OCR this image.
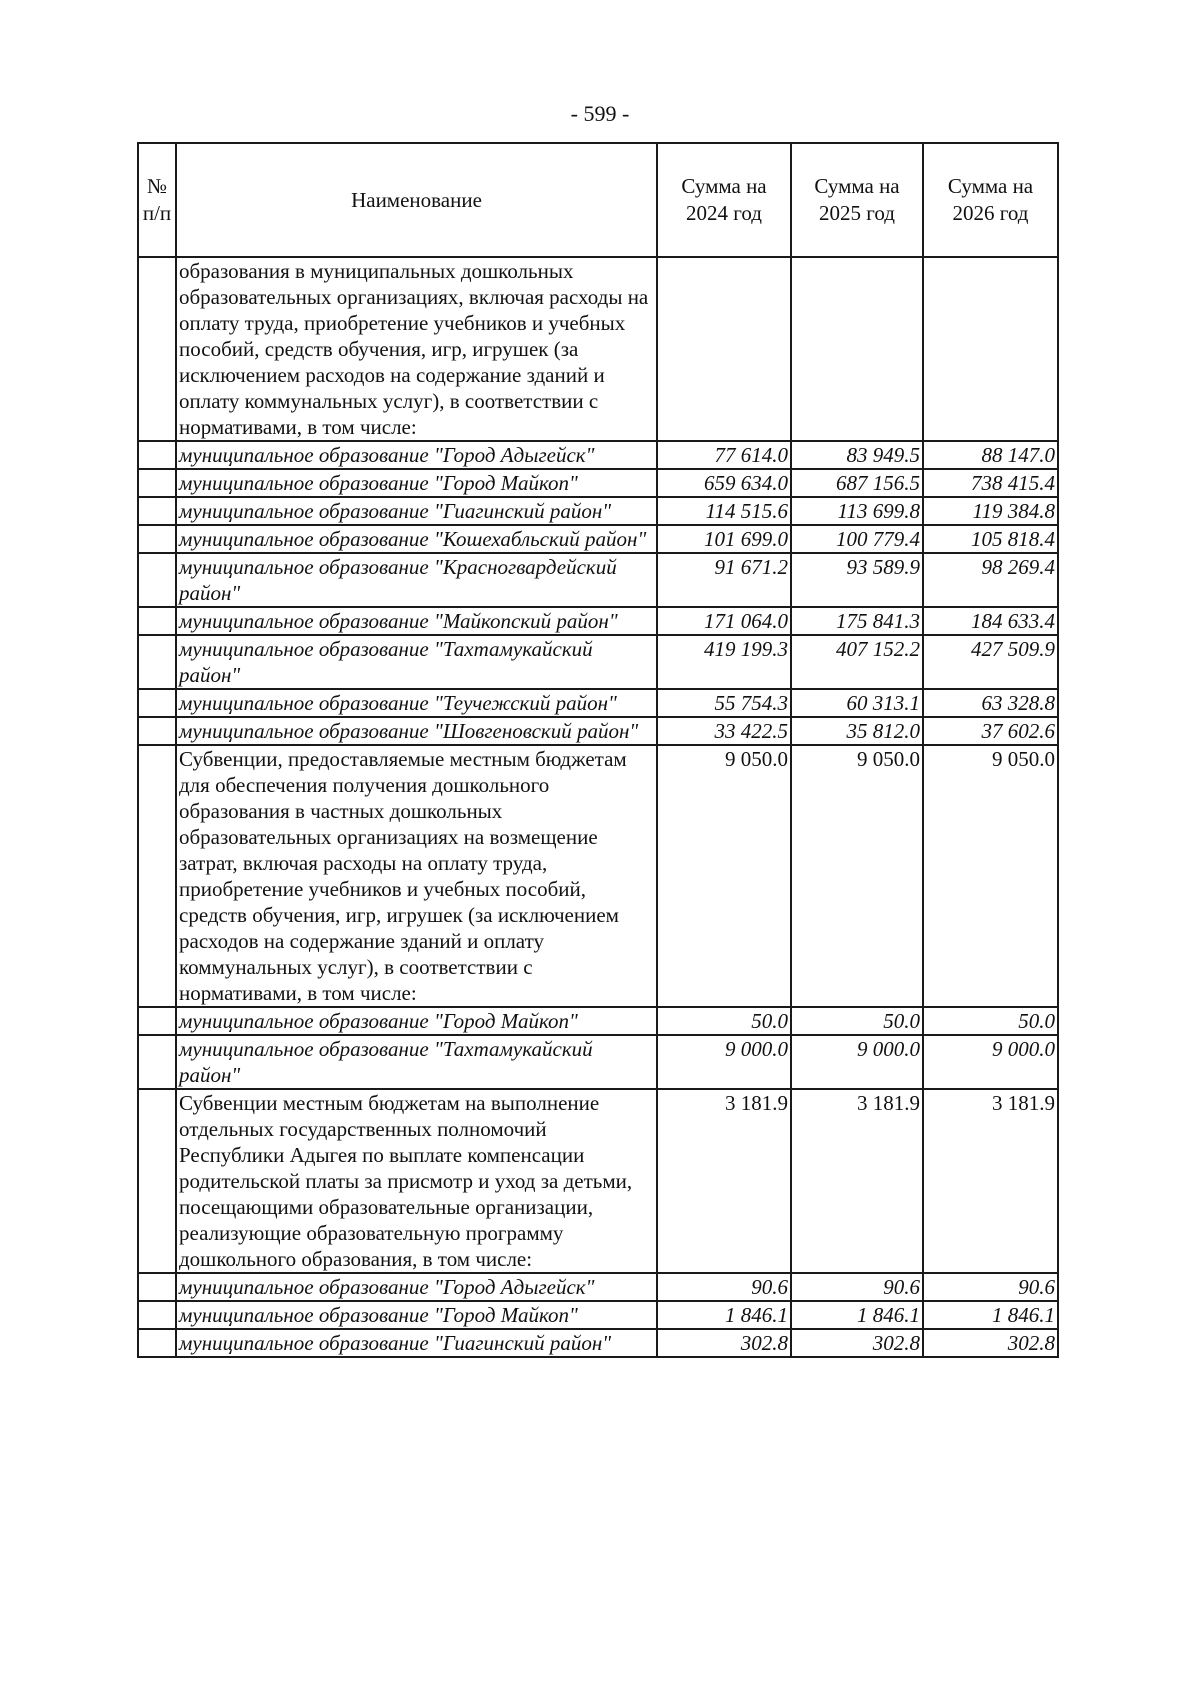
- 599 -
№ п/п	Наименование	Сумма на 2024 год	Сумма на 2025 год	Сумма на 2026 год
	образования в муниципальных дошкольных образовательных организациях, включая расходы на оплату труда, приобретение учебников и учебных пособий, средств обучения, игр, игрушек (за исключением расходов на содержание зданий и оплату коммунальных услуг), в соответствии с нормативами, в том числе:			
	муниципальное образование "Город Адыгейск"	77 614.0	83 949.5	88 147.0
	муниципальное образование "Город Майкоп"	659 634.0	687 156.5	738 415.4
	муниципальное образование "Гиагинский район"	114 515.6	113 699.8	119 384.8
	муниципальное образование "Кошехабльский район"	101 699.0	100 779.4	105 818.4
	муниципальное образование "Красногвардейский район"	91 671.2	93 589.9	98 269.4
	муниципальное образование "Майкопский район"	171 064.0	175 841.3	184 633.4
	муниципальное образование "Тахтамукайский район"	419 199.3	407 152.2	427 509.9
	муниципальное образование "Теучежский район"	55 754.3	60 313.1	63 328.8
	муниципальное образование "Шовгеновский район"	33 422.5	35 812.0	37 602.6
	Субвенции, предоставляемые местным бюджетам для обеспечения получения дошкольного образования в частных дошкольных образовательных организациях на возмещение затрат, включая расходы на оплату труда, приобретение учебников и учебных пособий, средств обучения, игр, игрушек (за исключением расходов на содержание зданий и оплату коммунальных услуг), в соответствии с нормативами, в том числе:	9 050.0	9 050.0	9 050.0
	муниципальное образование "Город Майкоп"	50.0	50.0	50.0
	муниципальное образование "Тахтамукайский район"	9 000.0	9 000.0	9 000.0
	Субвенции местным бюджетам на выполнение отдельных государственных полномочий Республики Адыгея по выплате компенсации родительской платы за присмотр и уход за детьми, посещающими образовательные организации, реализующие образовательную программу дошкольного образования, в том числе:	3 181.9	3 181.9	3 181.9
	муниципальное образование "Город Адыгейск"	90.6	90.6	90.6
	муниципальное образование "Город Майкоп"	1 846.1	1 846.1	1 846.1
	муниципальное образование "Гиагинский район"	302.8	302.8	302.8
